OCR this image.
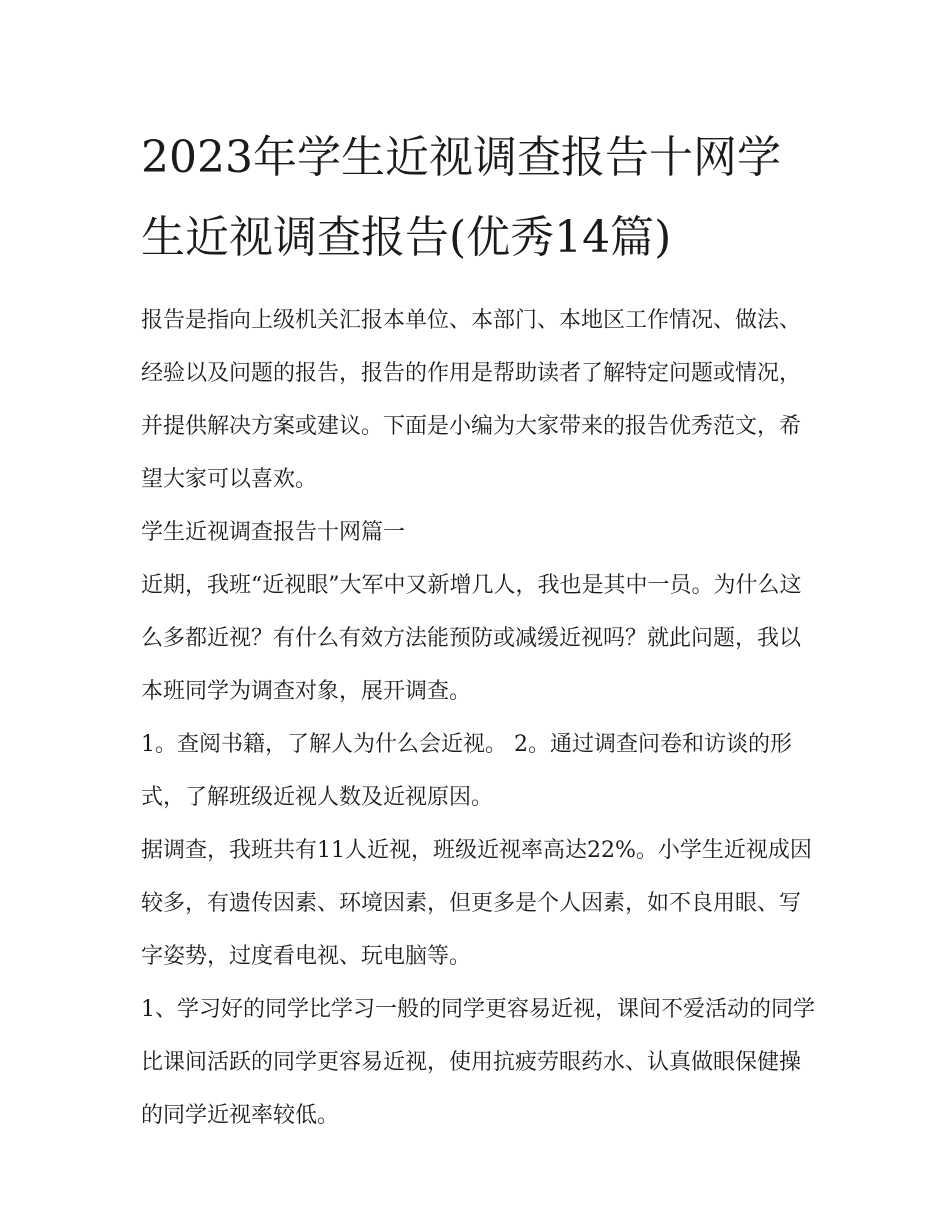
2023年学生近视调查报告十网学生近视调查报告(优秀14篇)

报告是指向上级机关汇报本单位、本部门、本地区工作情况、做法、经验以及问题的报告，报告的作用是帮助读者了解特定问题或情况，并提供解决方案或建议。下面是小编为大家带来的报告优秀范文，希望大家可以喜欢。

学生近视调查报告十网篇一

近期，我班“近视眼”大军中又新增几人，我也是其中一员。为什么这么多都近视？有什么有效方法能预防或减缓近视吗？就此问题，我以本班同学为调查对象，展开调查。

1。查阅书籍，了解人为什么会近视。 2。通过调查问卷和访谈的形式，了解班级近视人数及近视原因。

据调查，我班共有11人近视，班级近视率高达22%。小学生近视成因较多，有遗传因素、环境因素，但更多是个人因素，如不良用眼、写字姿势，过度看电视、玩电脑等。

1、学习好的同学比学习一般的同学更容易近视，课间不爱活动的同学比课间活跃的同学更容易近视，使用抗疲劳眼药水、认真做眼保健操的同学近视率较低。
